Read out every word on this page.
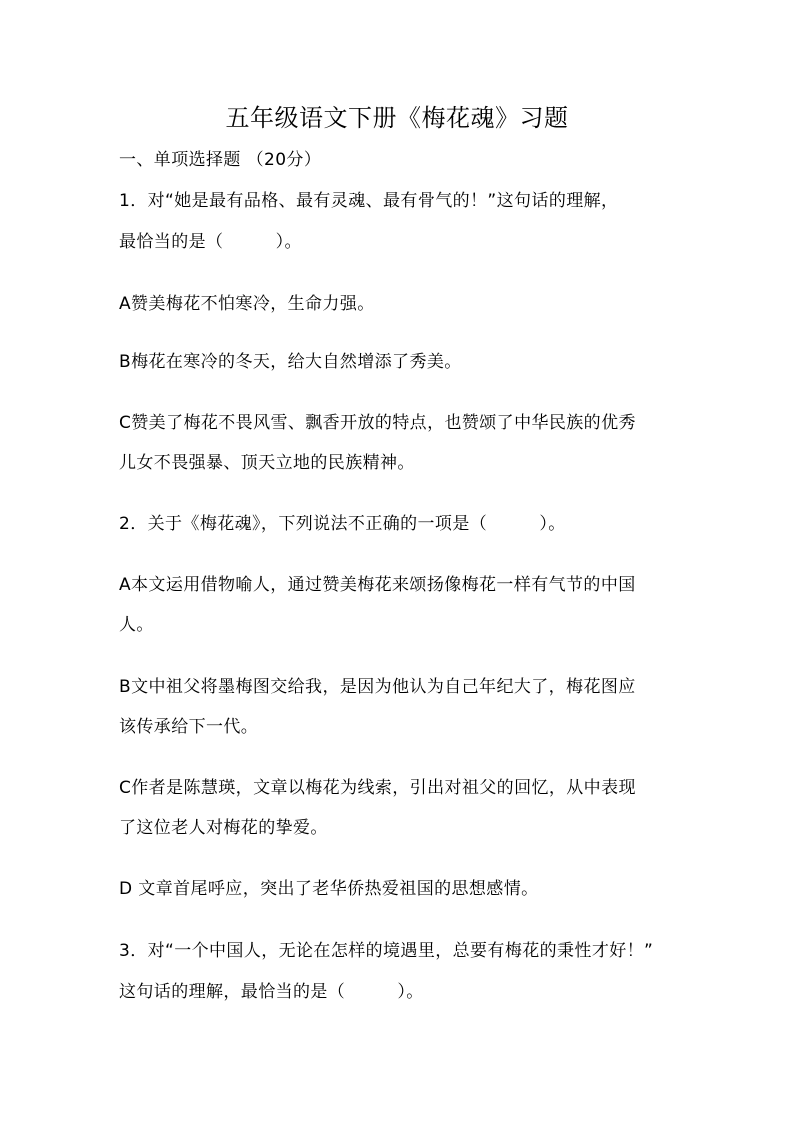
五年级语文下册《梅花魂》习题
一、单项选择题 （20分）
1．对“她是最有品格、最有灵魂、最有骨气的！”这句话的理解，
最恰当的是（　　　）。
A赞美梅花不怕寒冷，生命力强。
B梅花在寒冷的冬天，给大自然增添了秀美。
C赞美了梅花不畏风雪、飘香开放的特点，也赞颂了中华民族的优秀
儿女不畏强暴、顶天立地的民族精神。
2．关于《梅花魂》，下列说法不正确的一项是（　　　）。
A本文运用借物喻人，通过赞美梅花来颂扬像梅花一样有气节的中国
人。
B文中祖父将墨梅图交给我，是因为他认为自己年纪大了，梅花图应
该传承给下一代。
C作者是陈慧瑛，文章以梅花为线索，引出对祖父的回忆，从中表现
了这位老人对梅花的挚爱。
D 文章首尾呼应，突出了老华侨热爱祖国的思想感情。
3．对“一个中国人，无论在怎样的境遇里，总要有梅花的秉性才好！”
这句话的理解，最恰当的是（　　　）。
